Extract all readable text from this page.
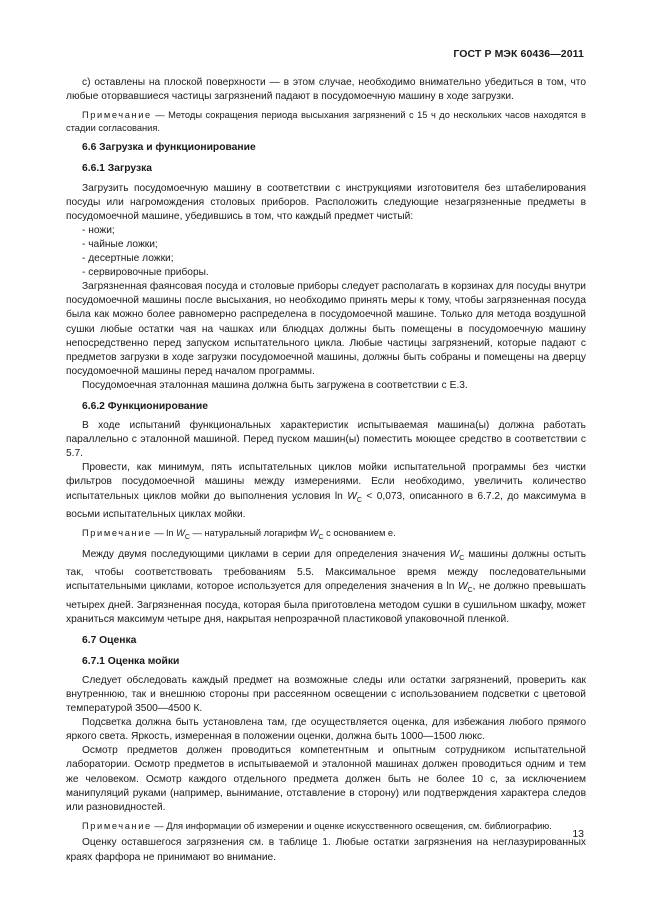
ГОСТ Р МЭК 60436—2011

c) оставлены на плоской поверхности — в этом случае, необходимо внимательно убедиться в том, что любые оторвавшиеся частицы загрязнений падают в посудомоечную машину в ходе загрузки.

Примечание — Методы сокращения периода высыхания загрязнений с 15 ч до нескольких часов находятся в стадии согласования.

6.6 Загрузка и функционирование
6.6.1 Загрузка

Загрузить посудомоечную машину в соответствии с инструкциями изготовителя без штабелирования посуды или нагромождения столовых приборов. Расположить следующие незагрязненные предметы в посудомоечной машине, убедившись в том, что каждый предмет чистый:

- ножи;
- чайные ложки;
- десертные ложки;
- сервировочные приборы.

Загрязненная фаянсовая посуда и столовые приборы следует располагать в корзинах для посуды внутри посудомоечной машины после высыхания, но необходимо принять меры к тому, чтобы загрязненная посуда была как можно более равномерно распределена в посудомоечной машине. Только для метода воздушной сушки любые остатки чая на чашках или блюдцах должны быть помещены в посудомоечную машину непосредственно перед запуском испытательного цикла. Любые частицы загрязнений, которые падают с предметов загрузки в ходе загрузки посудомоечной машины, должны быть собраны и помещены на дверцу посудомоечной машины перед началом программы.

Посудомоечная эталонная машина должна быть загружена в соответствии с Е.3.

6.6.2 Функционирование

В ходе испытаний функциональных характеристик испытываемая машина(ы) должна работать параллельно с эталонной машиной. Перед пуском машин(ы) поместить моющее средство в соответствии с 5.7.

Провести, как минимум, пять испытательных циклов мойки испытательной программы без чистки фильтров посудомоечной машины между измерениями. Если необходимо, увеличить количество испытательных циклов мойки до выполнения условия $\ln W_C < 0,073$, описанного в 6.7.2, до максимума в восьми испытательных циклах мойки.

Примечание — $\ln W_C$ — натуральный логарифм $W_C$ с основанием e.

Между двумя последующими циклами в серии для определения значения $W_C$ машины должны остыть так, чтобы соответствовать требованиям 5.5. Максимальное время между последовательными испытательными циклами, которое используется для определения значения в $\ln W_C$, не должно превышать четырех дней. Загрязненная посуда, которая была приготовлена методом сушки в сушильном шкафу, может храниться максимум четыре дня, накрытая непрозрачной пластиковой упаковочной пленкой.

6.7 Оценка
6.7.1 Оценка мойки

Следует обследовать каждый предмет на возможные следы или остатки загрязнений, проверить как внутреннюю, так и внешнюю стороны при рассеянном освещении с использованием подсветки с цветовой температурой 3500—4500 К.

Подсветка должна быть установлена там, где осуществляется оценка, для избежания любого прямого яркого света. Яркость, измеренная в положении оценки, должна быть 1000—1500 люкс.

Осмотр предметов должен проводиться компетентным и опытным сотрудником испытательной лаборатории. Осмотр предметов в испытываемой и эталонной машинах должен проводиться одним и тем же человеком. Осмотр каждого отдельного предмета должен быть не более 10 с, за исключением манипуляций руками (например, вынимание, отставление в сторону) или подтверждения характера следов или разновидностей.

Примечание — Для информации об измерении и оценке искусственного освещения, см. библиографию.

Оценку оставшегося загрязнения см. в таблице 1. Любые остатки загрязнения на неглазурированных краях фарфора не принимают во внимание.

13
